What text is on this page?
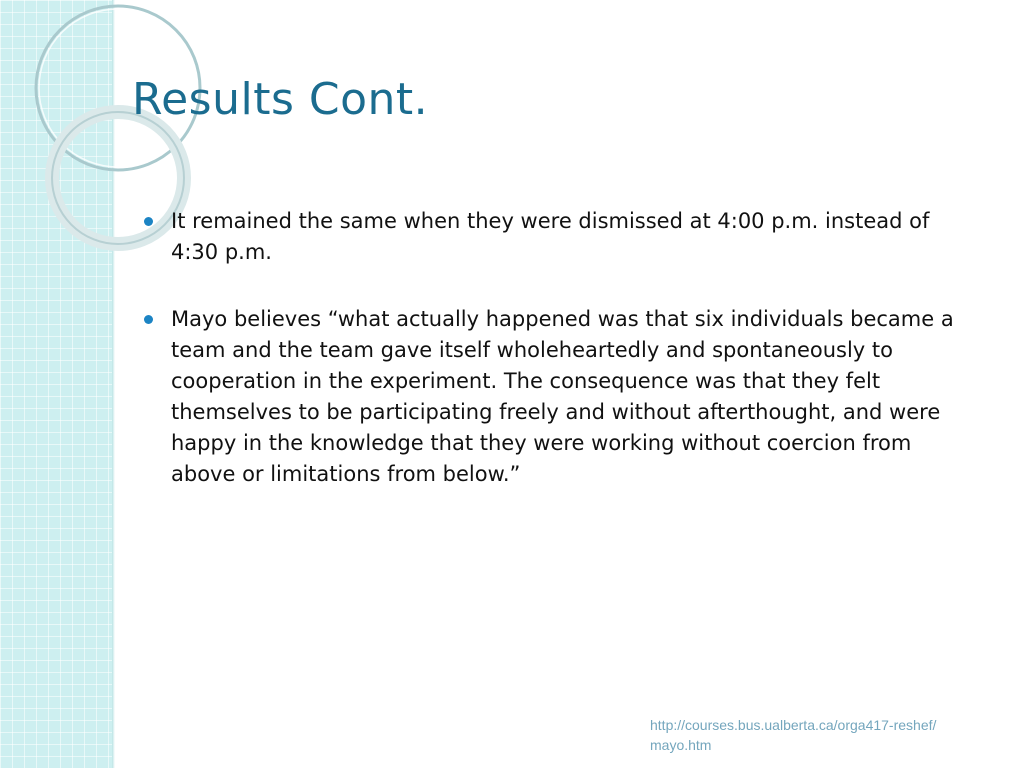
Results Cont.
It remained the same when they were dismissed at 4:00 p.m. instead of 4:30 p.m.
Mayo believes “what actually happened was that six individuals became a team and the team gave itself wholeheartedly and spontaneously to cooperation in the experiment. The consequence was that they felt themselves to be participating freely and without afterthought, and were happy in the knowledge that they were working without coercion from above or limitations from below.”
http://courses.bus.ualberta.ca/orga417-reshef/mayo.htm
